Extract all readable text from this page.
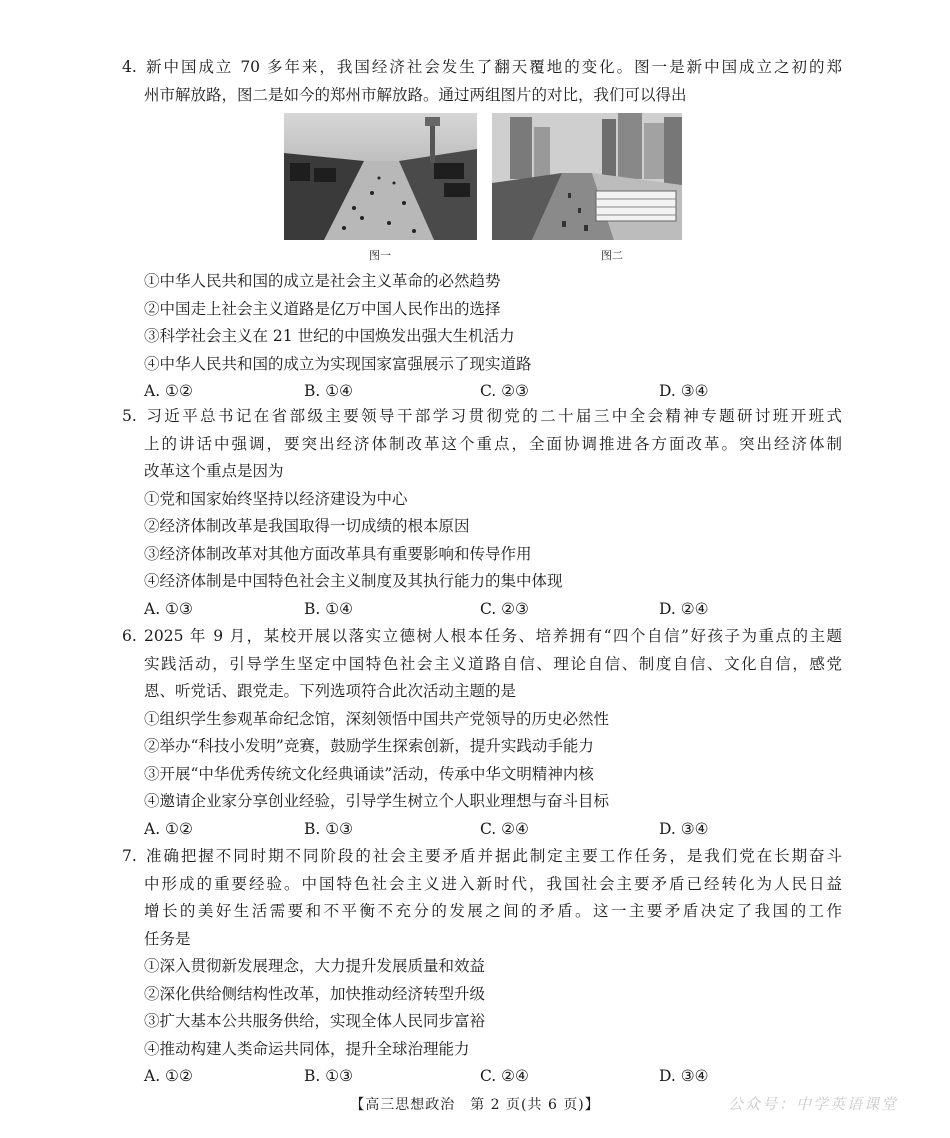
4. 新中国成立 70 多年来，我国经济社会发生了翻天覆地的变化。图一是新中国成立之初的郑
州市解放路，图二是如今的郑州市解放路。通过两组图片的对比，我们可以得出
图一	图二
①中华人民共和国的成立是社会主义革命的必然趋势
②中国走上社会主义道路是亿万中国人民作出的选择
③科学社会主义在 21 世纪的中国焕发出强大生机活力
④中华人民共和国的成立为实现国家富强展示了现实道路
A. ①②	B. ①④	C. ②③	D. ③④
5. 习近平总书记在省部级主要领导干部学习贯彻党的二十届三中全会精神专题研讨班开班式
上的讲话中强调，要突出经济体制改革这个重点，全面协调推进各方面改革。突出经济体制
改革这个重点是因为
①党和国家始终坚持以经济建设为中心
②经济体制改革是我国取得一切成绩的根本原因
③经济体制改革对其他方面改革具有重要影响和传导作用
④经济体制是中国特色社会主义制度及其执行能力的集中体现
A. ①③	B. ①④	C. ②③	D. ②④
6. 2025 年 9 月，某校开展以落实立德树人根本任务、培养拥有“四个自信”好孩子为重点的主题
实践活动，引导学生坚定中国特色社会主义道路自信、理论自信、制度自信、文化自信，感党
恩、听党话、跟党走。下列选项符合此次活动主题的是
①组织学生参观革命纪念馆，深刻领悟中国共产党领导的历史必然性
②举办“科技小发明”竞赛，鼓励学生探索创新，提升实践动手能力
③开展“中华优秀传统文化经典诵读”活动，传承中华文明精神内核
④邀请企业家分享创业经验，引导学生树立个人职业理想与奋斗目标
A. ①②	B. ①③	C. ②④	D. ③④
7. 准确把握不同时期不同阶段的社会主要矛盾并据此制定主要工作任务，是我们党在长期奋斗
中形成的重要经验。中国特色社会主义进入新时代，我国社会主要矛盾已经转化为人民日益
增长的美好生活需要和不平衡不充分的发展之间的矛盾。这一主要矛盾决定了我国的工作
任务是
①深入贯彻新发展理念，大力提升发展质量和效益
②深化供给侧结构性改革，加快推动经济转型升级
③扩大基本公共服务供给，实现全体人民同步富裕
④推动构建人类命运共同体，提升全球治理能力
A. ①②	B. ①③	C. ②④	D. ③④
【高三思想政治　第 2 页(共 6 页)】	公众号：中学英语课堂
